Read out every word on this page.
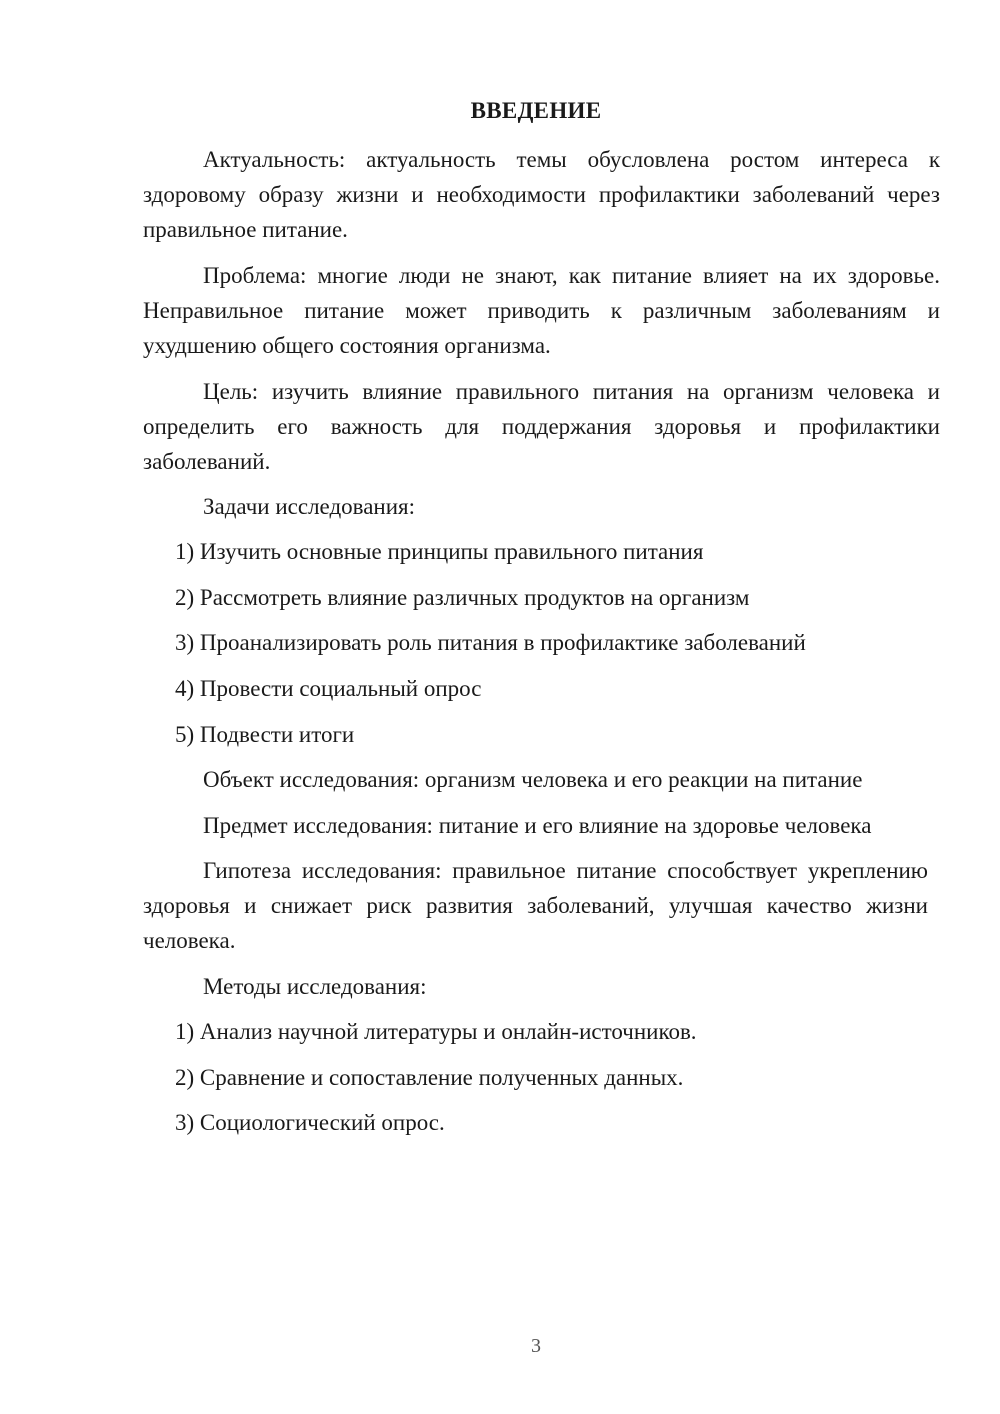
ВВЕДЕНИЕ

Актуальность: актуальность темы обусловлена ростом интереса к здоровому образу жизни и необходимости профилактики заболеваний через правильное питание.

Проблема: многие люди не знают, как питание влияет на их здоровье. Неправильное питание может приводить к различным заболеваниям и ухудшению общего состояния организма.

Цель: изучить влияние правильного питания на организм человека и определить его важность для поддержания здоровья и профилактики заболеваний.

Задачи исследования:
1) Изучить основные принципы правильного питания
2) Рассмотреть влияние различных продуктов на организм
3) Проанализировать роль питания в профилактике заболеваний
4) Провести социальный опрос
5) Подвести итоги
Объект исследования: организм человека и его реакции на питание
Предмет исследования: питание и его влияние на здоровье человека

Гипотеза исследования: правильное питание способствует укреплению здоровья и снижает риск развития заболеваний, улучшая качество жизни человека.

Методы исследования:
1) Анализ научной литературы и онлайн-источников.
2) Сравнение и сопоставление полученных данных.
3) Социологический опрос.
3
